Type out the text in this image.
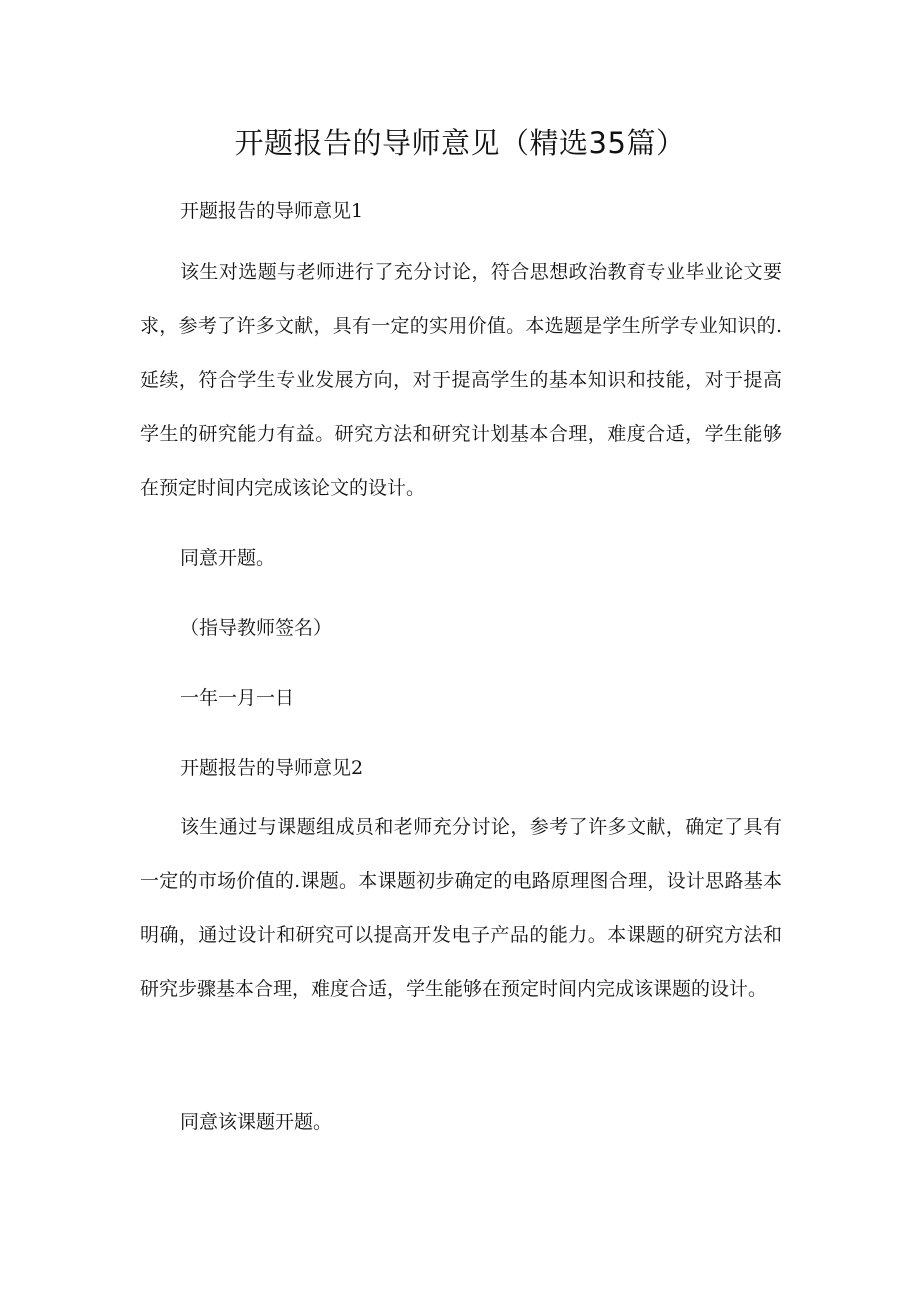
开题报告的导师意见（精选35篇）
开题报告的导师意见1
该生对选题与老师进行了充分讨论，符合思想政治教育专业毕业论文要求，参考了许多文献，具有一定的实用价值。本选题是学生所学专业知识的.延续，符合学生专业发展方向，对于提高学生的基本知识和技能，对于提高学生的研究能力有益。研究方法和研究计划基本合理，难度合适，学生能够在预定时间内完成该论文的设计。
同意开题。
（指导教师签名）
一年一月一日
开题报告的导师意见2
该生通过与课题组成员和老师充分讨论，参考了许多文献，确定了具有一定的市场价值的.课题。本课题初步确定的电路原理图合理，设计思路基本明确，通过设计和研究可以提高开发电子产品的能力。本课题的研究方法和研究步骤基本合理，难度合适，学生能够在预定时间内完成该课题的设计。
同意该课题开题。
